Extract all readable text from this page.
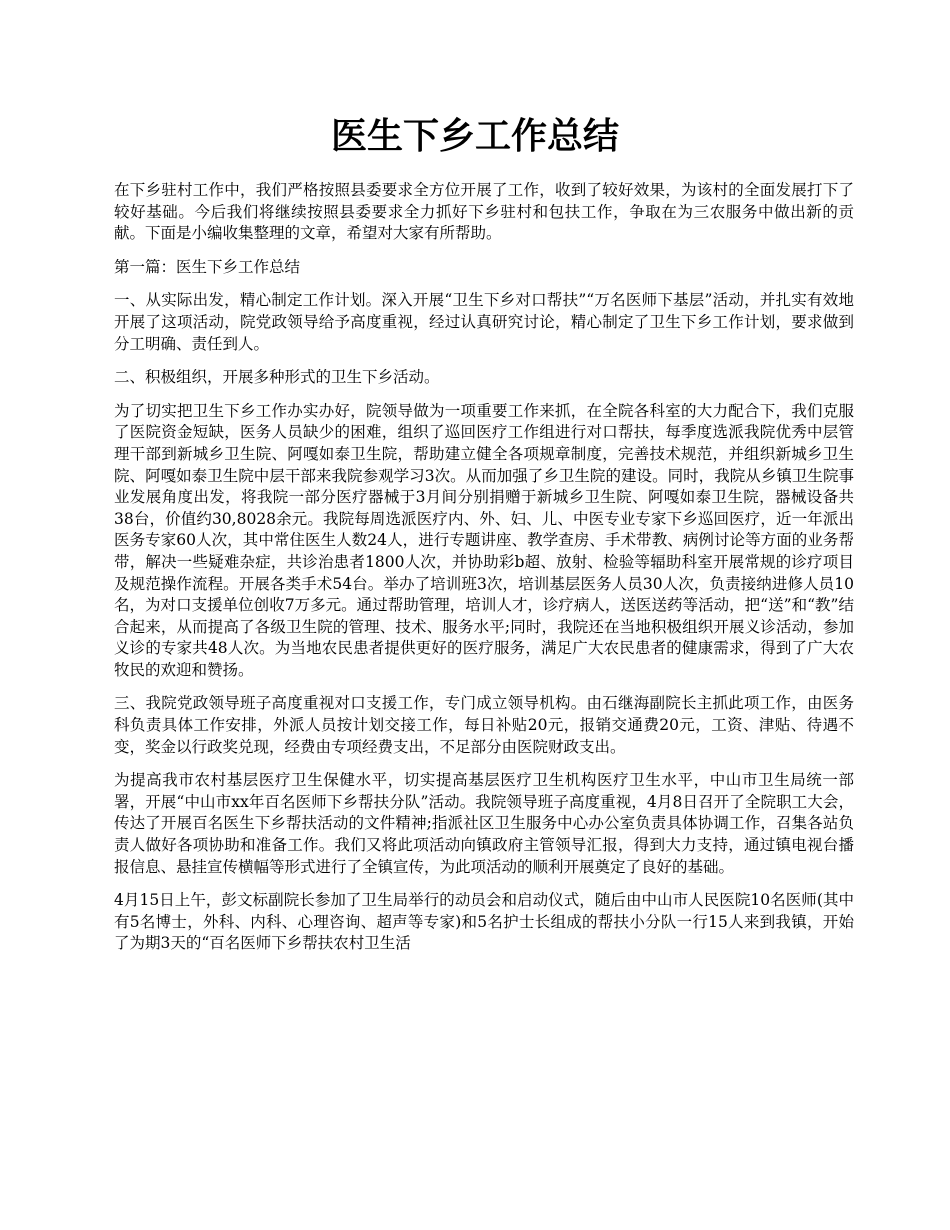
医生下乡工作总结

在下乡驻村工作中，我们严格按照县委要求全方位开展了工作，收到了较好效果，为该村的全面发展打下了较好基础。今后我们将继续按照县委要求全力抓好下乡驻村和包扶工作，争取在为三农服务中做出新的贡献。下面是小编收集整理的文章，希望对大家有所帮助。

第一篇：医生下乡工作总结

一、从实际出发，精心制定工作计划。深入开展“卫生下乡对口帮扶”“万名医师下基层”活动，并扎实有效地开展了这项活动，院党政领导给予高度重视，经过认真研究讨论，精心制定了卫生下乡工作计划，要求做到分工明确、责任到人。

二、积极组织，开展多种形式的卫生下乡活动。

为了切实把卫生下乡工作办实办好，院领导做为一项重要工作来抓，在全院各科室的大力配合下，我们克服了医院资金短缺，医务人员缺少的困难，组织了巡回医疗工作组进行对口帮扶，每季度选派我院优秀中层管理干部到新城乡卫生院、阿嘎如泰卫生院，帮助建立健全各项规章制度，完善技术规范，并组织新城乡卫生院、阿嘎如泰卫生院中层干部来我院参观学习3次。从而加强了乡卫生院的建设。同时，我院从乡镇卫生院事业发展角度出发，将我院一部分医疗器械于3月间分别捐赠于新城乡卫生院、阿嘎如泰卫生院，器械设备共38台，价值约30,8028余元。我院每周选派医疗内、外、妇、儿、中医专业专家下乡巡回医疗，近一年派出医务专家60人次，其中常住医生人数24人，进行专题讲座、教学查房、手术带教、病例讨论等方面的业务帮带，解决一些疑难杂症，共诊治患者1800人次，并协助彩b超、放射、检验等辐助科室开展常规的诊疗项目及规范操作流程。开展各类手术54台。举办了培训班3次，培训基层医务人员30人次，负责接纳进修人员10名，为对口支援单位创收7万多元。通过帮助管理，培训人才，诊疗病人，送医送药等活动，把“送”和“教”结合起来，从而提高了各级卫生院的管理、技术、服务水平;同时，我院还在当地积极组织开展义诊活动，参加义诊的专家共48人次。为当地农民患者提供更好的医疗服务，满足广大农民患者的健康需求，得到了广大农牧民的欢迎和赞扬。

三、我院党政领导班子高度重视对口支援工作，专门成立领导机构。由石继海副院长主抓此项工作，由医务科负责具体工作安排，外派人员按计划交接工作，每日补贴20元，报销交通费20元，工资、津贴、待遇不变，奖金以行政奖兑现，经费由专项经费支出，不足部分由医院财政支出。

为提高我市农村基层医疗卫生保健水平，切实提高基层医疗卫生机构医疗卫生水平，中山市卫生局统一部署，开展“中山市xx年百名医师下乡帮扶分队”活动。我院领导班子高度重视，4月8日召开了全院职工大会，传达了开展百名医生下乡帮扶活动的文件精神;指派社区卫生服务中心办公室负责具体协调工作，召集各站负责人做好各项协助和准备工作。我们又将此项活动向镇政府主管领导汇报，得到大力支持，通过镇电视台播报信息、悬挂宣传横幅等形式进行了全镇宣传，为此项活动的顺利开展奠定了良好的基础。

4月15日上午，彭文标副院长参加了卫生局举行的动员会和启动仪式，随后由中山市人民医院10名医师(其中有5名博士，外科、内科、心理咨询、超声等专家)和5名护士长组成的帮扶小分队一行15人来到我镇，开始了为期3天的“百名医师下乡帮扶农村卫生活
